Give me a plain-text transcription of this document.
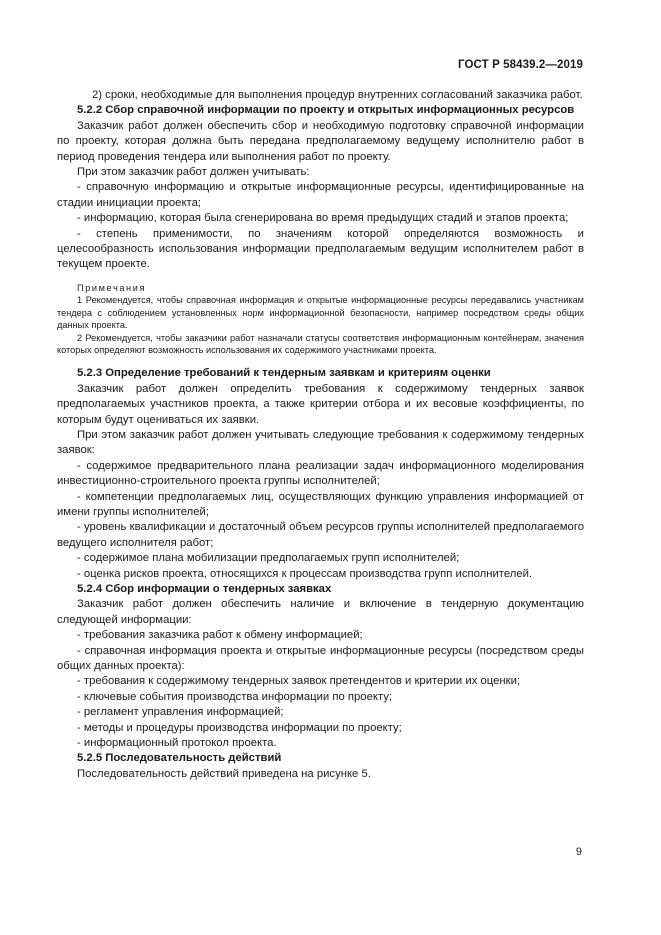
ГОСТ Р 58439.2—2019

2) сроки, необходимые для выполнения процедур внутренних согласований заказчика работ.

5.2.2 Сбор справочной информации по проекту и открытых информационных ресурсов

Заказчик работ должен обеспечить сбор и необходимую подготовку справочной информации по проекту, которая должна быть передана предполагаемому ведущему исполнителю работ в период проведения тендера или выполнения работ по проекту.

При этом заказчик работ должен учитывать:

- справочную информацию и открытые информационные ресурсы, идентифицированные на стадии инициации проекта;

- информацию, которая была сгенерирована во время предыдущих стадий и этапов проекта;

- степень применимости, по значениям которой определяются возможность и целесообразность использования информации предполагаемым ведущим исполнителем работ в текущем проекте.

Примечания

1 Рекомендуется, чтобы справочная информация и открытые информационные ресурсы передавались участникам тендера с соблюдением установленных норм информационной безопасности, например посредством среды общих данных проекта.

2 Рекомендуется, чтобы заказчики работ назначали статусы соответствия информационным контейнерам, значения которых определяют возможность использования их содержимого участниками проекта.

5.2.3 Определение требований к тендерным заявкам и критериям оценки

Заказчик работ должен определить требования к содержимому тендерных заявок предполагаемых участников проекта, а также критерии отбора и их весовые коэффициенты, по которым будут оцениваться их заявки.

При этом заказчик работ должен учитывать следующие требования к содержимому тендерных заявок:

- содержимое предварительного плана реализации задач информационного моделирования инвестиционно-строительного проекта группы исполнителей;

- компетенции предполагаемых лиц, осуществляющих функцию управления информацией от имени группы исполнителей;

- уровень квалификации и достаточный объем ресурсов группы исполнителей предполагаемого ведущего исполнителя работ;

- содержимое плана мобилизации предполагаемых групп исполнителей;

- оценка рисков проекта, относящихся к процессам производства групп исполнителей.

5.2.4 Сбор информации о тендерных заявках

Заказчик работ должен обеспечить наличие и включение в тендерную документацию следующей информации:

- требования заказчика работ к обмену информацией;

- справочная информация проекта и открытые информационные ресурсы (посредством среды общих данных проекта):

- требования к содержимому тендерных заявок претендентов и критерии их оценки;

- ключевые события производства информации по проекту;

- регламент управления информацией;

- методы и процедуры производства информации по проекту;

- информационный протокол проекта.

5.2.5 Последовательность действий

Последовательность действий приведена на рисунке 5.

9
